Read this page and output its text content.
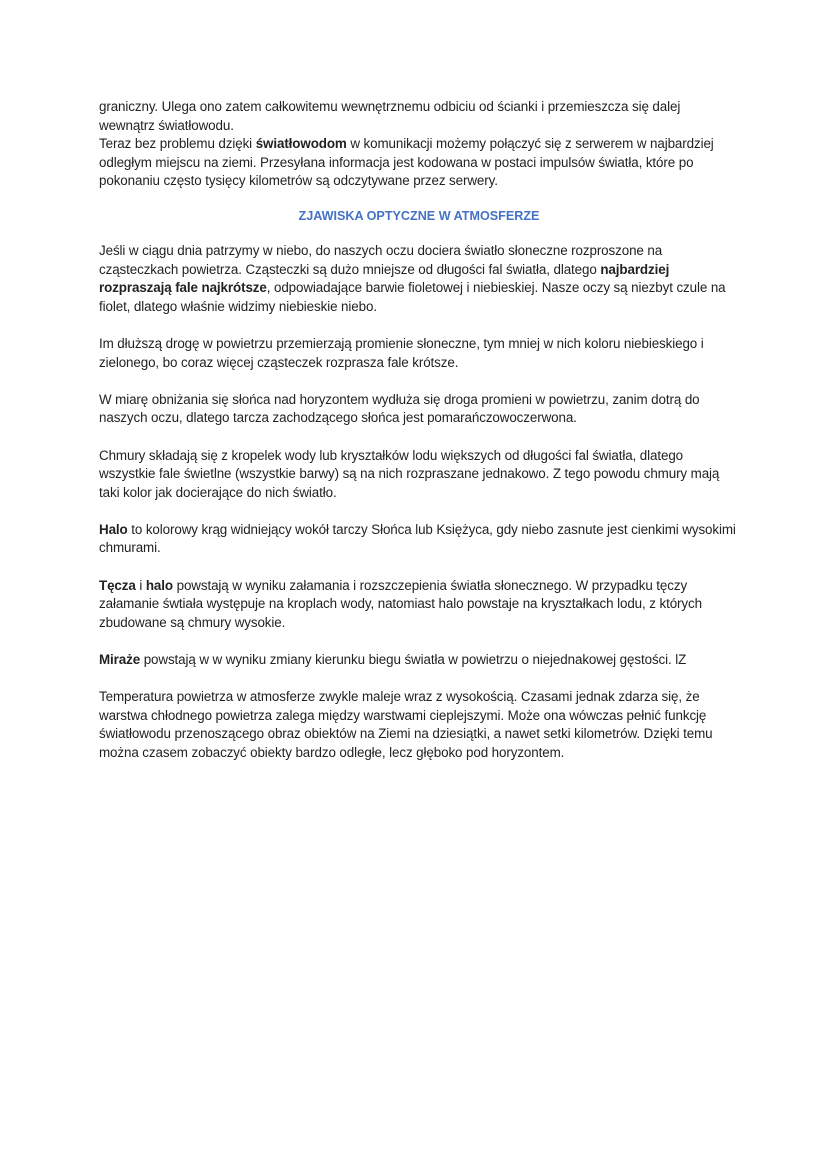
graniczny. Ulega ono zatem całkowitemu wewnętrznemu odbiciu od ścianki i przemieszcza się dalej wewnątrz światłowodu.

Teraz bez problemu dzięki światłowodom w komunikacji możemy połączyć się z serwerem w najbardziej odległym miejscu na ziemi. Przesyłana informacja jest kodowana w postaci impulsów światła, które po pokonaniu często tysięcy kilometrów są odczytywane przez serwery.

ZJAWISKA OPTYCZNE W ATMOSFERZE

Jeśli w ciągu dnia patrzymy w niebo, do naszych oczu dociera światło słoneczne rozproszone na cząsteczkach powietrza. Cząsteczki są dużo mniejsze od długości fal światła, dlatego najbardziej rozpraszają fale najkrótsze, odpowiadające barwie fioletowej i niebieskiej. Nasze oczy są niezbyt czule na fiolet, dlatego właśnie widzimy niebieskie niebo.

Im dłuższą drogę w powietrzu przemierzają promienie słoneczne, tym mniej w nich koloru niebieskiego i zielonego, bo coraz więcej cząsteczek rozprasza fale krótsze.

W miarę obniżania się słońca nad horyzontem wydłuża się droga promieni w powietrzu, zanim dotrą do naszych oczu, dlatego tarcza zachodzącego słońca jest pomarańczowoczerwona.

Chmury składają się z kropelek wody lub kryształków lodu większych od długości fal światła, dlatego wszystkie fale świetlne (wszystkie barwy) są na nich rozpraszane jednakowo. Z tego powodu chmury mają taki kolor jak docierające do nich światło.

Halo to kolorowy krąg widniejący wokół tarczy Słońca lub Księżyca, gdy niebo zasnute jest cienkimi wysokimi chmurami.

Tęcza i halo powstają w wyniku załamania i rozszczepienia światła słonecznego. W przypadku tęczy załamanie śwtiała występuje na kroplach wody, natomiast halo powstaje na kryształkach lodu, z których zbudowane są chmury wysokie.

Miraże powstają w w wyniku zmiany kierunku biegu światła w powietrzu o niejednakowej gęstości. lZ

Temperatura powietrza w atmosferze zwykle maleje wraz z wysokością. Czasami jednak zdarza się, że warstwa chłodnego powietrza zalega między warstwami cieplejszymi. Może ona wówczas pełnić funkcję światłowodu przenoszącego obraz obiektów na Ziemi na dziesiątki, a nawet setki kilometrów. Dzięki temu można czasem zobaczyć obiekty bardzo odległe, lecz głęboko pod horyzontem.
